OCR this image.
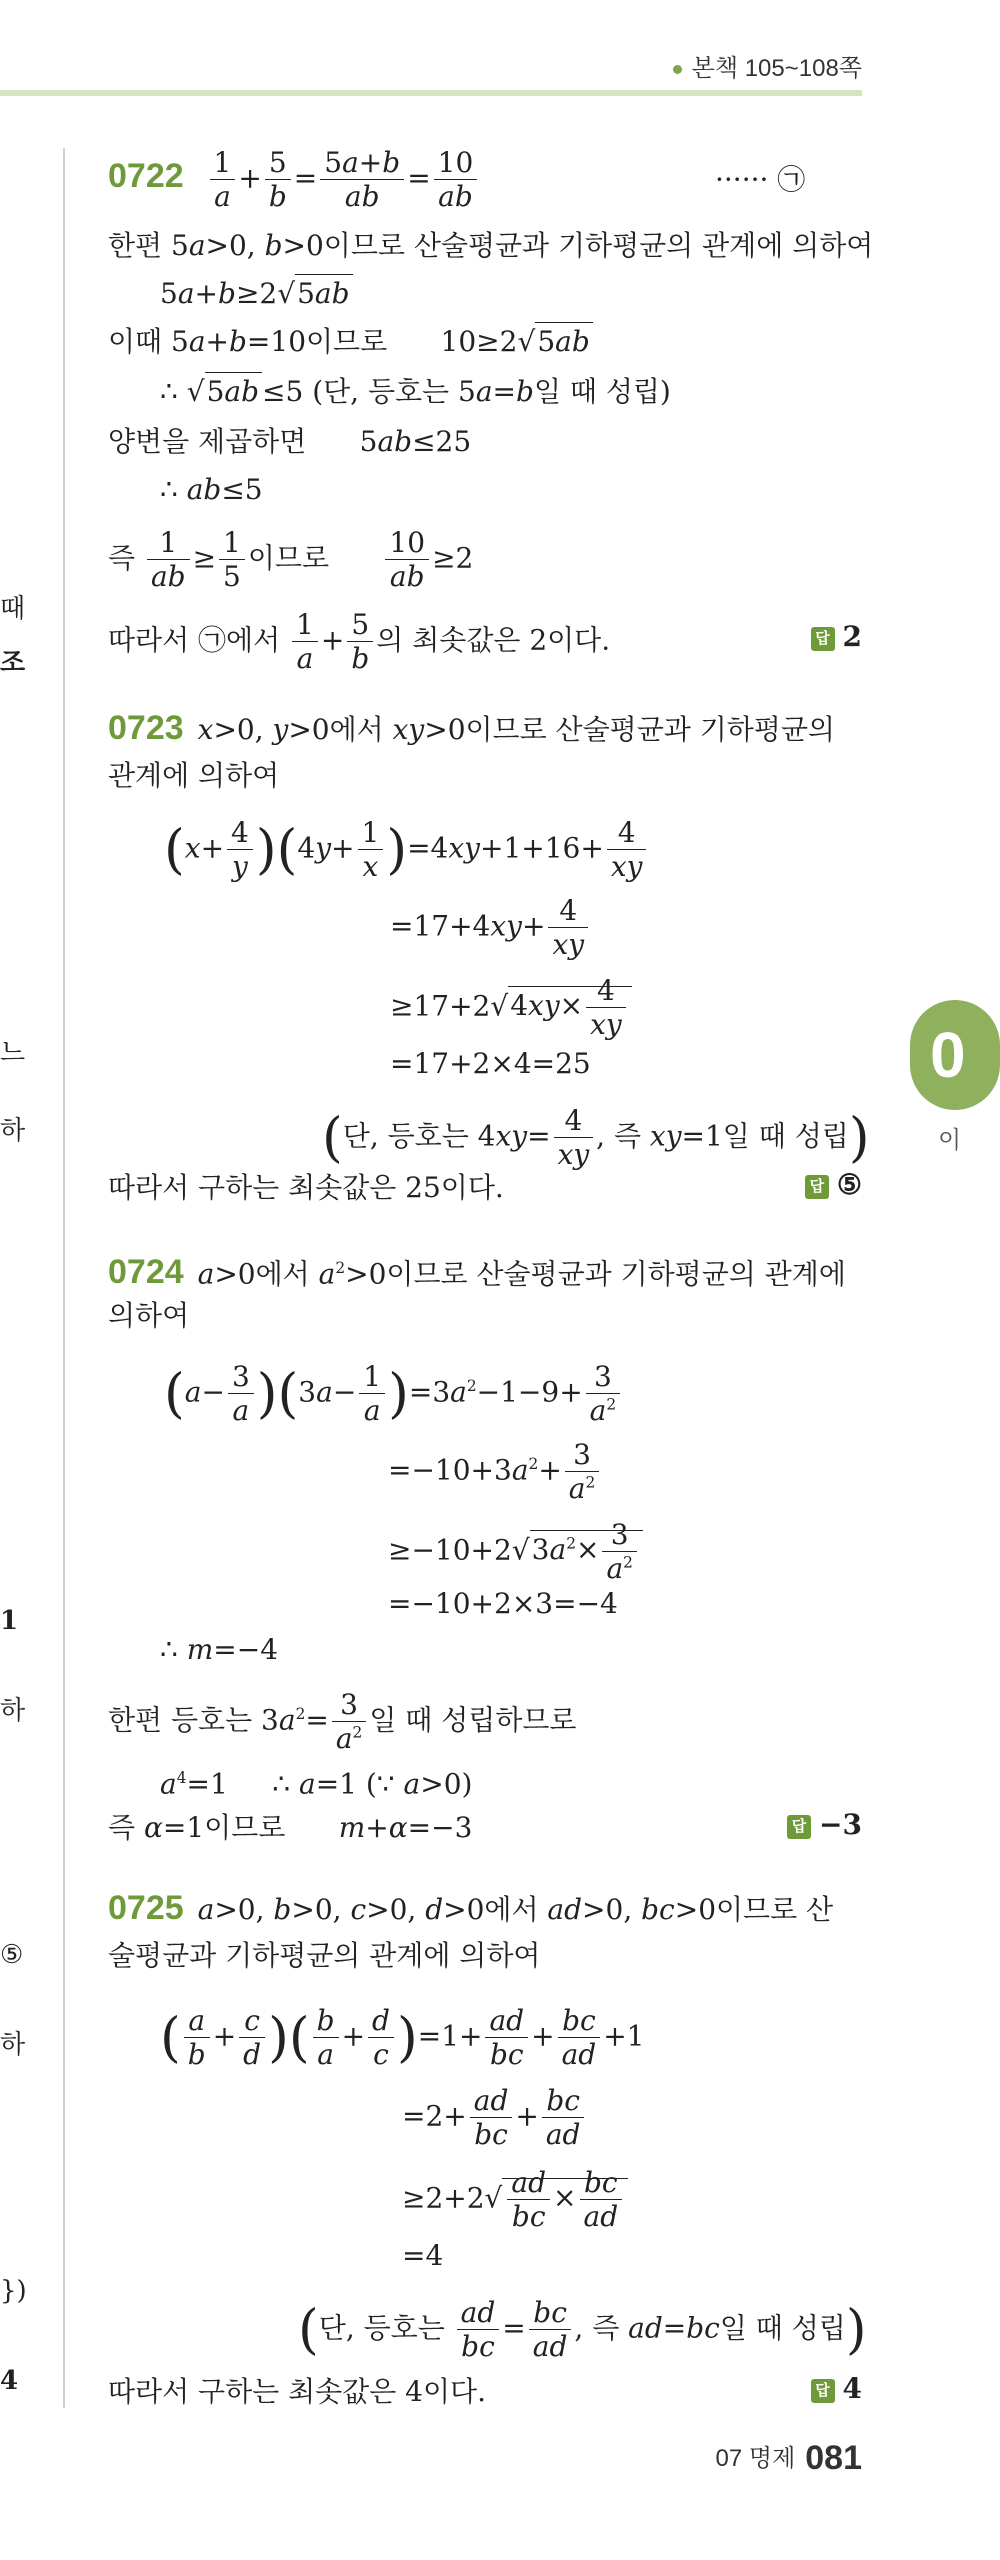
본책 105~108쪽
때
조
느
하
1
하
⑤
하
})
4
0
이
$0722 \frac{1}{a} + \frac{5}{b} = \frac{5a+b}{ab} = \frac{10}{ab}$	······ ㉠
한편 5a>0, b>0이므로 산술평균과 기하평균의 관계에 의하여
5a+b≥2√5ab
이때 5a+b=10이므로      10≥2√5ab
∴ √5ab ≤5 (단, 등호는 5a=b일 때 성립)
양변을 제곱하면      5ab≤25
∴ ab≤5
즉 $\frac{1}{ab} \ge \frac{1}{5}$ 이므로 $\frac{10}{ab} \ge 2$
따라서 ㉠에서 $\frac{1}{a} + \frac{5}{b}$ 의 최솟값은 2이다.	답 2
0723 x>0, y>0에서 xy>0이므로 산술평균과 기하평균의
관계에 의하여
$(x+ \frac{4}{y} )(4y+ \frac{1}{x} )=4xy+1+16+ \frac{4}{xy}$
$=17+4xy+ \frac{4}{xy}$
$\ge 17+2√4xy\times \frac{4}{xy}$
=17+2×4=25
(단, 등호는 $4xy= \frac{4}{xy}$ , 즉 xy=1일 때 성립)
따라서 구하는 최솟값은 25이다.	답 ⑤
0724 a>0에서 $a^2>0$이므로 산술평균과 기하평균의 관계에
의하여
$(a- \frac{3}{a} )(3a- \frac{1}{a} )=3a^2-1-9+ \frac{3}{a^2}$
$=-10+3a^2+ \frac{3}{a^2}$
$\ge-10+2√3a^2\times \frac{3}{a^2}$
=−10+2×3=−4
∴ m=−4
한편 등호는 $3a^2= \frac{3}{a^2}$ 일 때 성립하므로
$a^4=1$     ∴ a=1 (∵ a>0)
즉 α=1이므로      m+α=−3	답 −3
0725 a>0, b>0, c>0, d>0에서 ad>0, bc>0이므로 산
술평균과 기하평균의 관계에 의하여
( $\frac{a}{b} + \frac{c}{d}$ )( $\frac{b}{a} + \frac{d}{c} )=1+ \frac{ad}{bc} + \frac{bc}{ad} +1$
$=2+ \frac{ad}{bc} + \frac{bc}{ad}$
$\ge 2+2√ \frac{ad}{bc} \times \frac{bc}{ad}$
=4
(단, 등호는 $\frac{ad}{bc} = \frac{bc}{ad}$ , 즉 ad=bc일 때 성립)
따라서 구하는 최솟값은 4이다.	답 4
07 명제 081
